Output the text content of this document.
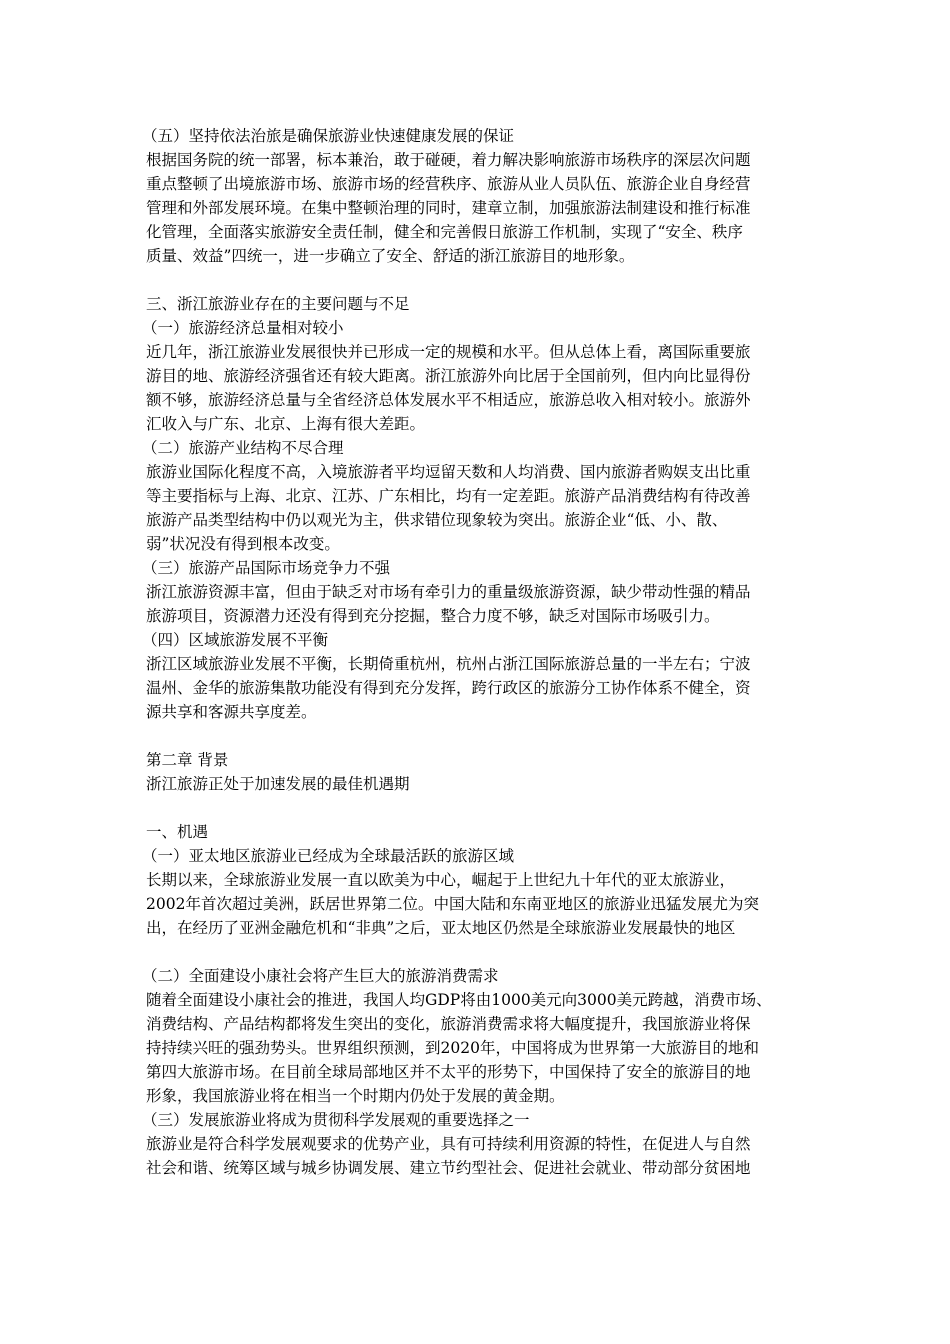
（五）坚持依法治旅是确保旅游业快速健康发展的保证
根据国务院的统一部署，标本兼治，敢于碰硬，着力解决影响旅游市场秩序的深层次问题
重点整顿了出境旅游市场、旅游市场的经营秩序、旅游从业人员队伍、旅游企业自身经营
管理和外部发展环境。在集中整顿治理的同时，建章立制，加强旅游法制建设和推行标准
化管理，全面落实旅游安全责任制，健全和完善假日旅游工作机制，实现了“安全、秩序
质量、效益”四统一，进一步确立了安全、舒适的浙江旅游目的地形象。
三、浙江旅游业存在的主要问题与不足
（一）旅游经济总量相对较小
近几年，浙江旅游业发展很快并已形成一定的规模和水平。但从总体上看，离国际重要旅
游目的地、旅游经济强省还有较大距离。浙江旅游外向比居于全国前列，但内向比显得份
额不够，旅游经济总量与全省经济总体发展水平不相适应，旅游总收入相对较小。旅游外
汇收入与广东、北京、上海有很大差距。
（二）旅游产业结构不尽合理
旅游业国际化程度不高，入境旅游者平均逗留天数和人均消费、国内旅游者购娱支出比重
等主要指标与上海、北京、江苏、广东相比，均有一定差距。旅游产品消费结构有待改善
旅游产品类型结构中仍以观光为主，供求错位现象较为突出。旅游企业“低、小、散、
弱”状况没有得到根本改变。
（三）旅游产品国际市场竞争力不强
浙江旅游资源丰富，但由于缺乏对市场有牵引力的重量级旅游资源，缺少带动性强的精品
旅游项目，资源潜力还没有得到充分挖掘，整合力度不够，缺乏对国际市场吸引力。
（四）区域旅游发展不平衡
浙江区域旅游业发展不平衡，长期倚重杭州，杭州占浙江国际旅游总量的一半左右；宁波
温州、金华的旅游集散功能没有得到充分发挥，跨行政区的旅游分工协作体系不健全，资
源共享和客源共享度差。
第二章 背景
浙江旅游正处于加速发展的最佳机遇期
一、机遇
（一）亚太地区旅游业已经成为全球最活跃的旅游区域
长期以来，全球旅游业发展一直以欧美为中心，崛起于上世纪九十年代的亚太旅游业，
2002年首次超过美洲，跃居世界第二位。中国大陆和东南亚地区的旅游业迅猛发展尤为突
出，在经历了亚洲金融危机和“非典”之后，亚太地区仍然是全球旅游业发展最快的地区
（二）全面建设小康社会将产生巨大的旅游消费需求
随着全面建设小康社会的推进，我国人均GDP将由1000美元向3000美元跨越，消费市场、
消费结构、产品结构都将发生突出的变化，旅游消费需求将大幅度提升，我国旅游业将保
持持续兴旺的强劲势头。世界组织预测，到2020年，中国将成为世界第一大旅游目的地和
第四大旅游市场。在目前全球局部地区并不太平的形势下，中国保持了安全的旅游目的地
形象，我国旅游业将在相当一个时期内仍处于发展的黄金期。
（三）发展旅游业将成为贯彻科学发展观的重要选择之一
旅游业是符合科学发展观要求的优势产业，具有可持续利用资源的特性，在促进人与自然
社会和谐、统筹区域与城乡协调发展、建立节约型社会、促进社会就业、带动部分贫困地
